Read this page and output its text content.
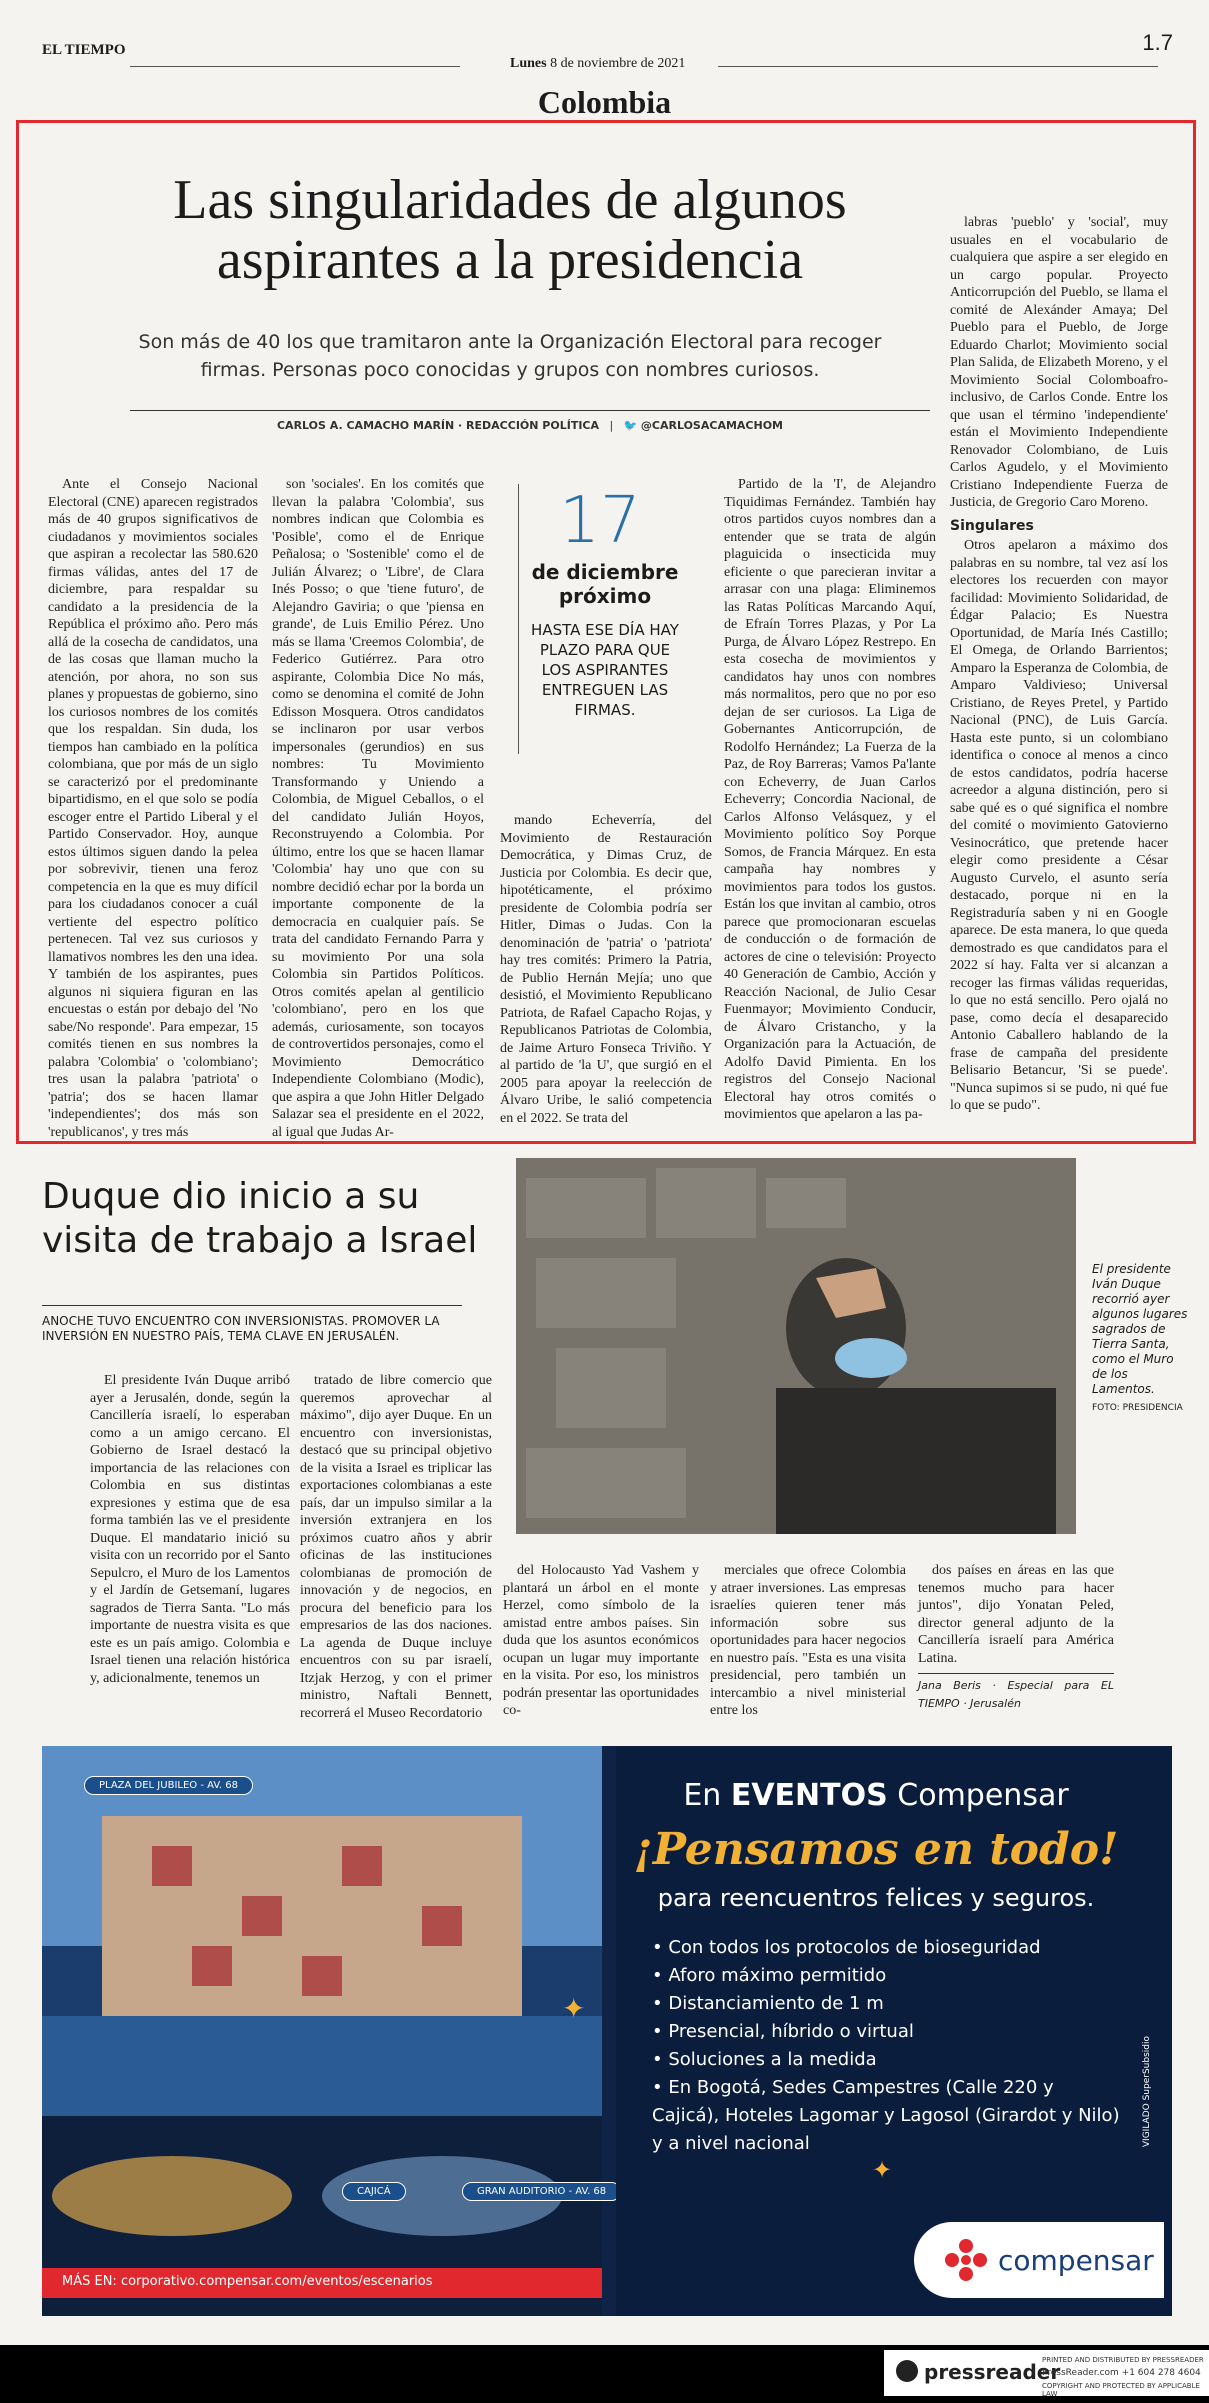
EL TIEMPO
Lunes 8 de noviembre de 2021
1.7
Colombia
Las singularidades de algunos aspirantes a la presidencia
Son más de 40 los que tramitaron ante la Organización Electoral para recoger firmas. Personas poco conocidas y grupos con nombres curiosos.
CARLOS A. CAMACHO MARÍN · REDACCIÓN POLÍTICA   |   🐦 @CARLOSACAMACHOM

Ante el Consejo Nacional Electoral (CNE) aparecen registrados más de 40 grupos significativos de ciudadanos y movimientos sociales que aspiran a recolectar las 580.620 firmas válidas, antes del 17 de diciembre, para respaldar su candidato a la presidencia de la República el próximo año. Pero más allá de la cosecha de candidatos, una de las cosas que llaman mucho la atención, por ahora, no son sus planes y propuestas de gobierno, sino los curiosos nombres de los comités que los respaldan. Sin duda, los tiempos han cambiado en la política colombiana, que por más de un siglo se caracterizó por el predominante bipartidismo, en el que solo se podía escoger entre el Partido Liberal y el Partido Conservador. Hoy, aunque estos últimos siguen dando la pelea por sobrevivir, tienen una feroz competencia en la que es muy difícil para los ciudadanos conocer a cuál vertiente del espectro político pertenecen. Tal vez sus curiosos y llamativos nombres les den una idea. Y también de los aspirantes, pues algunos ni siquiera figuran en las encuestas o están por debajo del 'No sabe/No responde'. Para empezar, 15 comités tienen en sus nombres la palabra 'Colombia' o 'colombiano'; tres usan la palabra 'patriota' o 'patria'; dos se hacen llamar 'independientes'; dos más son 'republicanos', y tres más

son 'sociales'. En los comités que llevan la palabra 'Colombia', sus nombres indican que Colombia es 'Posible', como el de Enrique Peñalosa; o 'Sostenible' como el de Julián Álvarez; o 'Libre', de Clara Inés Posso; o que 'tiene futuro', de Alejandro Gaviria; o que 'piensa en grande', de Luis Emilio Pérez. Uno más se llama 'Creemos Colombia', de Federico Gutiérrez. Para otro aspirante, Colombia Dice No más, como se denomina el comité de John Edisson Mosquera. Otros candidatos se inclinaron por usar verbos impersonales (gerundios) en sus nombres: Tu Movimiento Transformando y Uniendo a Colombia, de Miguel Ceballos, o el del candidato Julián Hoyos, Reconstruyendo a Colombia. Por último, entre los que se hacen llamar 'Colombia' hay uno que con su nombre decidió echar por la borda un importante componente de la democracia en cualquier país. Se trata del candidato Fernando Parra y su movimiento Por una sola Colombia sin Partidos Políticos. Otros comités apelan al gentilicio 'colombiano', pero en los que además, curiosamente, son tocayos de controvertidos personajes, como el Movimiento Democrático Independiente Colombiano (Modic), que aspira a que John Hitler Delgado Salazar sea el presidente en el 2022, al igual que Judas Ar-

17
de diciembre próximo
HASTA ESE DÍA HAY PLAZO PARA QUE LOS ASPIRANTES ENTREGUEN LAS FIRMAS.

mando Echeverría, del Movimiento de Restauración Democrática, y Dimas Cruz, de Justicia por Colombia. Es decir que, hipotéticamente, el próximo presidente de Colombia podría ser Hitler, Dimas o Judas. Con la denominación de 'patria' o 'patriota' hay tres comités: Primero la Patria, de Publio Hernán Mejía; uno que desistió, el Movimiento Republicano Patriota, de Rafael Capacho Rojas, y Republicanos Patriotas de Colombia, de Jaime Arturo Fonseca Triviño. Y al partido de 'la U', que surgió en el 2005 para apoyar la reelección de Álvaro Uribe, le salió competencia en el 2022. Se trata del

Partido de la 'I', de Alejandro Tiquidimas Fernández. También hay otros partidos cuyos nombres dan a entender que se trata de algún plaguicida o insecticida muy eficiente o que parecieran invitar a arrasar con una plaga: Eliminemos las Ratas Políticas Marcando Aquí, de Efraín Torres Plazas, y Por La Purga, de Álvaro López Restrepo. En esta cosecha de movimientos y candidatos hay unos con nombres más normalitos, pero que no por eso dejan de ser curiosos. La Liga de Gobernantes Anticorrupción, de Rodolfo Hernández; La Fuerza de la Paz, de Roy Barreras; Vamos Pa'lante con Echeverry, de Juan Carlos Echeverry; Concordia Nacional, de Carlos Alfonso Velásquez, y el Movimiento político Soy Porque Somos, de Francia Márquez. En esta campaña hay nombres y movimientos para todos los gustos. Están los que invitan al cambio, otros parece que promocionaran escuelas de conducción o de formación de actores de cine o televisión: Proyecto 40 Generación de Cambio, Acción y Reacción Nacional, de Julio Cesar Fuenmayor; Movimiento Conducir, de Álvaro Cristancho, y la Organización para la Actuación, de Adolfo David Pimienta. En los registros del Consejo Nacional Electoral hay otros comités o movimientos que apelaron a las pa-

labras 'pueblo' y 'social', muy usuales en el vocabulario de cualquiera que aspire a ser elegido en un cargo popular. Proyecto Anticorrupción del Pueblo, se llama el comité de Alexánder Amaya; Del Pueblo para el Pueblo, de Jorge Eduardo Charlot; Movimiento social Plan Salida, de Elizabeth Moreno, y el Movimiento Social Colomboafro-inclusivo, de Carlos Conde. Entre los que usan el término 'independiente' están el Movimiento Independiente Renovador Colombiano, de Luis Carlos Agudelo, y el Movimiento Cristiano Independiente Fuerza de Justicia, de Gregorio Caro Moreno.

Singulares

Otros apelaron a máximo dos palabras en su nombre, tal vez así los electores los recuerden con mayor facilidad: Movimiento Solidaridad, de Édgar Palacio; Es Nuestra Oportunidad, de María Inés Castillo; El Omega, de Orlando Barrientos; Amparo la Esperanza de Colombia, de Amparo Valdivieso; Universal Cristiano, de Reyes Pretel, y Partido Nacional (PNC), de Luis García. Hasta este punto, si un colombiano identifica o conoce al menos a cinco de estos candidatos, podría hacerse acreedor a alguna distinción, pero si sabe qué es o qué significa el nombre del comité o movimiento Gatovierno Vesinocrático, que pretende hacer elegir como presidente a César Augusto Curvelo, el asunto sería destacado, porque ni en la Registraduría saben y ni en Google aparece. De esta manera, lo que queda demostrado es que candidatos para el 2022 sí hay. Falta ver si alcanzan a recoger las firmas válidas requeridas, lo que no está sencillo. Pero ojalá no pase, como decía el desaparecido Antonio Caballero hablando de la frase de campaña del presidente Belisario Betancur, 'Si se puede'. "Nunca supimos si se pudo, ni qué fue lo que se pudo".

Duque dio inicio a su visita de trabajo a Israel
ANOCHE TUVO ENCUENTRO CON INVERSIONISTAS. PROMOVER LA INVERSIÓN EN NUESTRO PAÍS, TEMA CLAVE EN JERUSALÉN.
El presidente Iván Duque recorrió ayer algunos lugares sagrados de Tierra Santa, como el Muro de los Lamentos.
FOTO: PRESIDENCIA

El presidente Iván Duque arribó ayer a Jerusalén, donde, según la Cancillería israelí, lo esperaban como a un amigo cercano. El Gobierno de Israel destacó la importancia de las relaciones con Colombia en sus distintas expresiones y estima que de esa forma también las ve el presidente Duque. El mandatario inició su visita con un recorrido por el Santo Sepulcro, el Muro de los Lamentos y el Jardín de Getsemaní, lugares sagrados de Tierra Santa. "Lo más importante de nuestra visita es que este es un país amigo. Colombia e Israel tienen una relación histórica y, adicionalmente, tenemos un

tratado de libre comercio que queremos aprovechar al máximo", dijo ayer Duque. En un encuentro con inversionistas, destacó que su principal objetivo de la visita a Israel es triplicar las exportaciones colombianas a este país, dar un impulso similar a la inversión extranjera en los próximos cuatro años y abrir oficinas de las instituciones colombianas de promoción de innovación y de negocios, en procura del beneficio para los empresarios de las dos naciones. La agenda de Duque incluye encuentros con su par israelí, Itzjak Herzog, y con el primer ministro, Naftali Bennett, recorrerá el Museo Recordatorio

del Holocausto Yad Vashem y plantará un árbol en el monte Herzel, como símbolo de la amistad entre ambos países. Sin duda que los asuntos económicos ocupan un lugar muy importante en la visita. Por eso, los ministros podrán presentar las oportunidades co-

merciales que ofrece Colombia y atraer inversiones. Las empresas israelíes quieren tener más información sobre sus oportunidades para hacer negocios en nuestro país. "Esta es una visita presidencial, pero también un intercambio a nivel ministerial entre los

dos países en áreas en las que tenemos mucho para hacer juntos", dijo Yonatan Peled, director general adjunto de la Cancillería israelí para América Latina.

Jana Beris · Especial para EL TIEMPO · Jerusalén
PLAZA DEL JUBILEO - AV. 68
CAJICÁ	GRAN AUDITORIO - AV. 68
MÁS EN: corporativo.compensar.com/eventos/escenarios
En EVENTOS Compensar
¡Pensamos en todo!
para reencuentros felices y seguros.
• Con todos los protocolos de bioseguridad
• Aforo máximo permitido
• Distanciamiento de 1 m
• Presencial, híbrido o virtual
• Soluciones a la medida
• En Bogotá, Sedes Campestres (Calle 220 y Cajicá), Hoteles Lagomar y Lagosol (Girardot y Nilo) y a nivel nacional
✦
✦
VIGILADO SuperSubsidio
compensar
pressreader
PRINTED AND DISTRIBUTED BY PRESSREADER
PressReader.com +1 604 278 4604
COPYRIGHT AND PROTECTED BY APPLICABLE LAW
